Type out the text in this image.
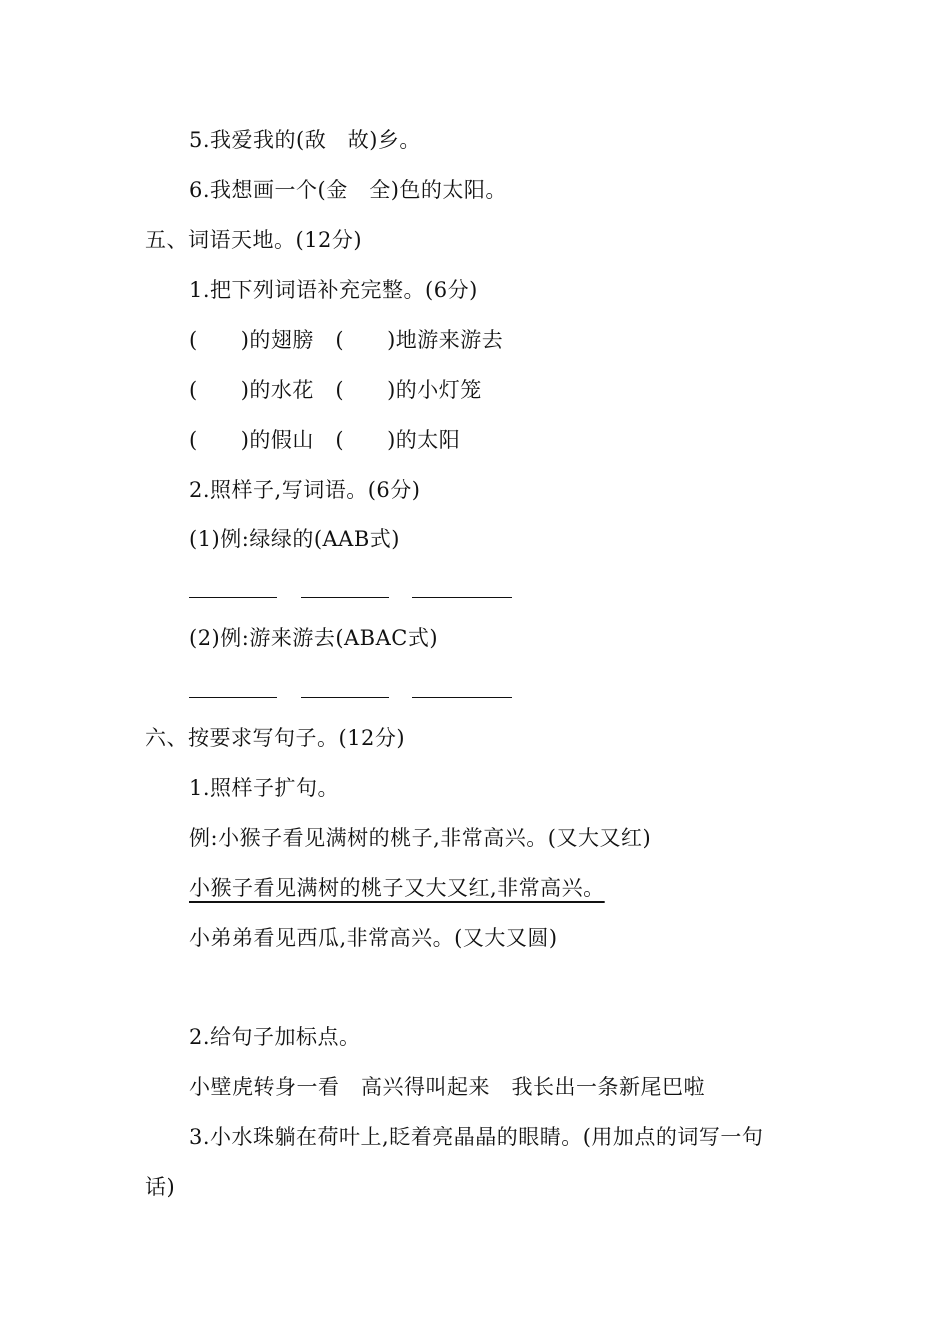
5.我爱我的(敌　故)乡。
6.我想画一个(金　全)色的太阳。
五、词语天地。(12分)
1.把下列词语补充完整。(6分)
(　　)的翅膀　(　　)地游来游去
(　　)的水花　(　　)的小灯笼
(　　)的假山　(　　)的太阳
2.照样子,写词语。(6分)
(1)例:绿绿的(AAB式)
(2)例:游来游去(ABAC式)
六、按要求写句子。(12分)
1.照样子扩句。
例:小猴子看见满树的桃子,非常高兴。(又大又红)
小猴子看见满树的桃子又大又红,非常高兴。
小弟弟看见西瓜,非常高兴。(又大又圆)
2.给句子加标点。
小壁虎转身一看　高兴得叫起来　我长出一条新尾巴啦
3.小水珠躺在荷叶上,眨着亮晶晶的眼睛。(用加点的词写一句
话)
